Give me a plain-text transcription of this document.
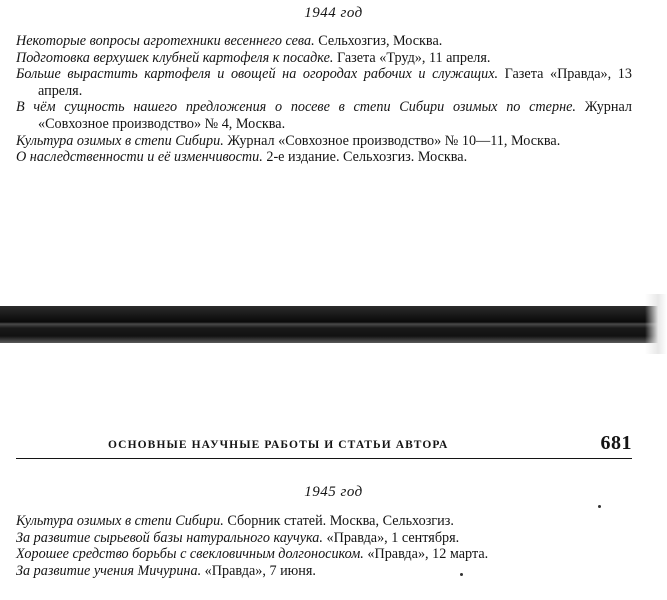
1944 год
Некоторые вопросы агротехники весеннего сева. Сельхозгиз, Москва.
Подготовка верхушек клубней картофеля к посадке. Газета «Труд», 11 апреля.
Больше вырастить картофеля и овощей на огородах рабочих и служащих. Газета «Правда», 13 апреля.
В чём сущность нашего предложения о посеве в степи Сибири озимых по стерне. Журнал «Совхозное производство» № 4, Москва.
Культура озимых в степи Сибири. Журнал «Совхозное производство» № 10—11, Москва.
О наследственности и её изменчивости. 2-е издание. Сельхозгиз. Москва.
ОСНОВНЫЕ НАУЧНЫЕ РАБОТЫ И СТАТЬИ АВТОРА	681
1945 год
Культура озимых в степи Сибири. Сборник статей. Москва, Сельхозгиз.
За развитие сырьевой базы натурального каучука. «Правда», 1 сентября.
Хорошее средство борьбы с свекловичным долгоносиком. «Правда», 12 марта.
За развитие учения Мичурина. «Правда», 7 июня.
